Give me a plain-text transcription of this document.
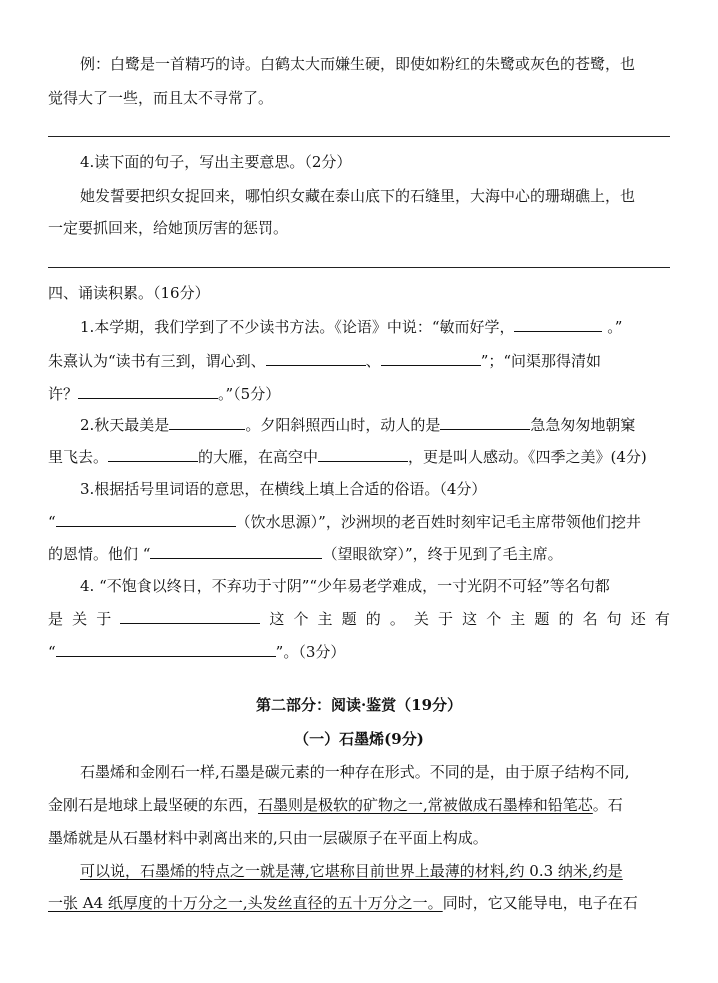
例：白鹭是一首精巧的诗。白鹤太大而嫌生硬，即使如粉红的朱鹭或灰色的苍鹭，也
觉得大了一些，而且太不寻常了。
4.读下面的句子，写出主要意思。（2分）
她发誓要把织女捉回来，哪怕织女藏在泰山底下的石缝里，大海中心的珊瑚礁上，也
一定要抓回来，给她顶厉害的惩罚。
四、诵读积累。（16分）
1.本学期，我们学到了不少读书方法。《论语》中说：“敏而好学，	。”
朱熹认为“读书有三到，谓心到、	、	”；“问渠那得清如
许？	。”（5分）
2.秋天最美是	。夕阳斜照西山时，动人的是	急急匆匆地朝窠
里飞去。	的大雁，在高空中	，更是叫人感动。《四季之美》(4分)
3.根据括号里词语的意思，在横线上填上合适的俗语。（4分）
“	（饮水思源）”，沙洲坝的老百姓时刻牢记毛主席带领他们挖井
的恩情。他们 “	（望眼欲穿）”，终于见到了毛主席。
4. “不饱食以终日，不弃功于寸阴”“少年易老学难成，一寸光阴不可轻”等名句都
是 关 于	这 个 主 题 的 。 关 于 这 个 主 题 的 名 句 还 有
“	”。（3分）
第二部分：阅读·鉴赏（19分）
（一）石墨烯(9分)
石墨烯和金刚石一样,石墨是碳元素的一种存在形式。不同的是，由于原子结构不同,
金刚石是地球上最坚硬的东西，石墨则是极软的矿物之一,常被做成石墨棒和铅笔芯。石
墨烯就是从石墨材料中剥离出来的,只由一层碳原子在平面上构成。
可以说，石墨烯的特点之一就是薄,它堪称目前世界上最薄的材料,约 0.3 纳米,约是
一张 A4 纸厚度的十万分之一,头发丝直径的五十万分之一。同时，它又能导电，电子在石
